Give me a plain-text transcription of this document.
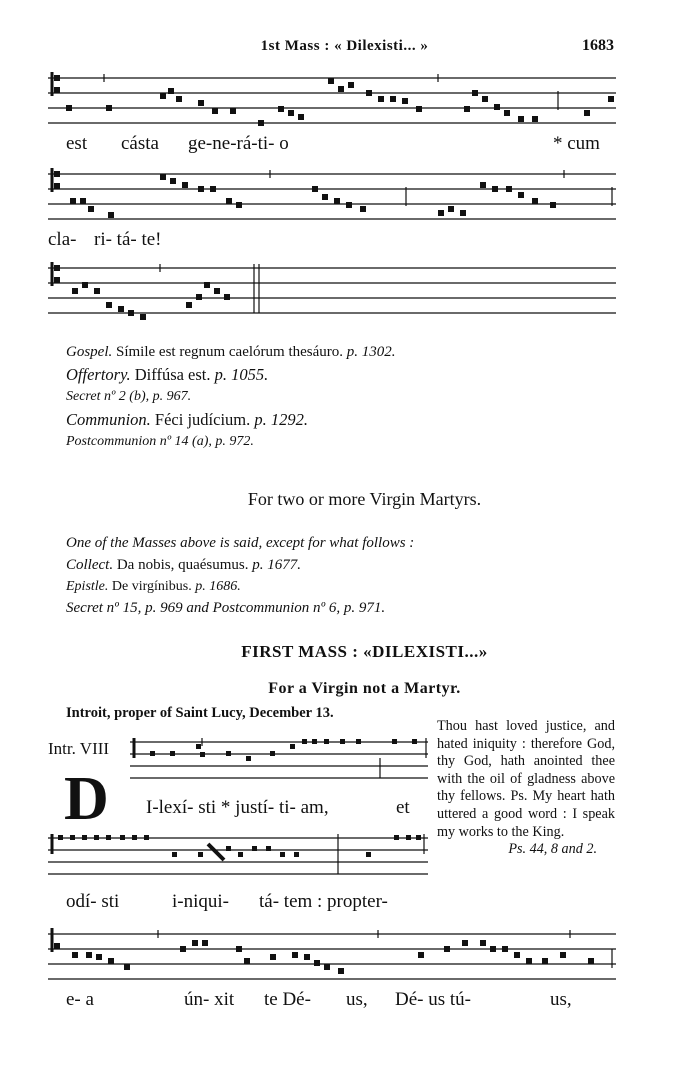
1st Mass : « Dilexisti... »	1683
est cásta ge-ne-rá-ti- o	* cum
cla- ri- tá- te!
Gospel. Símile est regnum caelórum thesáuro. p. 1302.
Offertory. Diffúsa est. p. 1055.
Secret nº 2 (b), p. 967.
Communion. Féci judícium. p. 1292.
Postcommunion nº 14 (a), p. 972.
For two or more Virgin Martyrs.
One of the Masses above is said, except for what follows :
Collect. Da nobis, quaésumus. p. 1677.
Epistle. De virgínibus. p. 1686.
Secret nº 15, p. 969 and Postcommunion nº 6, p. 971.
FIRST MASS : «DILEXISTI...»
For a Virgin not a Martyr.
Introit, proper of Saint Lucy, December 13.
Intr. VIII
D I-lexí- sti * justí- ti- am,	et
odí- sti	i-niqui- tá- tem : propter-
Thou hast loved justice, and hated iniquity : therefore God, thy God, hath anointed thee with the oil of gladness above thy fellows. Ps. My heart hath uttered a good word : I speak my works to the King.
Ps. 44, 8 and 2.
e- a	ún- xit te Dé- us, Dé- us tú-	us,
